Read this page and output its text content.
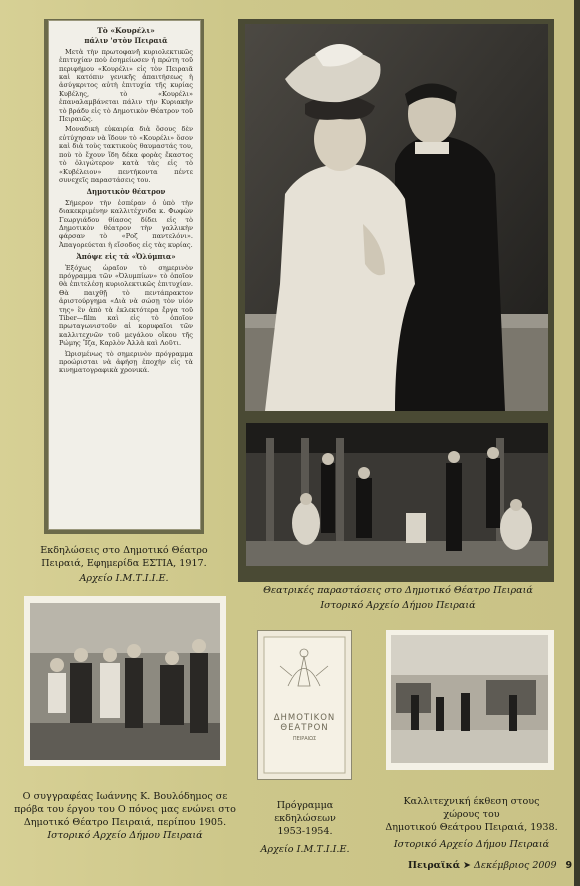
Τὸ «Κουρέλι»
πάλιν 'στὸν Πειραιᾶ

Μετὰ τὴν πρωτοφανῆ κυριολεκτικῶς ἐπιτυχίαν ποὺ ἐσημείωσεν ἡ πρώτη τοῦ περιφήμου «Κουρέλι» εἰς τὸν Πειραιᾶ καὶ κατόπιν γενικῆς ἀπαιτήσεως ἡ ἀσύγκριτος αὐτὴ ἐπιτυχία τῆς κυρίας Κυβέλης, τὸ «Κουρέλι» ἐπαναλαμβάνεται πάλιν τὴν Κυριακὴν τὸ βράδυ εἰς τὸ Δημοτικὸν Θέατρον τοῦ Πειραιῶς.

Μοναδικὴ εὐκαιρία διὰ ὅσους δὲν εὐτύχησαν νὰ ἴδουν τὸ «Κουρέλι» ὅσον καὶ διὰ τοὺς τακτικοὺς θαυμαστάς του, ποὺ τὸ ἔχουν ἴδη δέκα φορὰς ἕκαστος τὸ ὀλιγώτερον κατὰ τὰς εἰς τὸ «Κυβέλειον» πεντήκοντα πέντε συνεχεῖς παραστάσεις του.

Δημοτικὸν θέατρον

Σήμερον τὴν ἑσπέραν ὁ ὑπὸ τὴν διακεκριμένην καλλιτέχνιδα κ. Φωφὼν Γεωργιάδου θίασος δίδει εἰς τὸ Δημοτικὸν θέατρον τὴν γαλλικὴν φάρσαν τὸ «Ροζ παντελόνι». Ἀπαγορεύεται ἡ εἴσοδος εἰς τὰς κυρίας.

Ἀπόψε εἰς τὰ «Ὀλύμπια»

Ἐξόχως ὡραῖον τὸ σημερινὸν πρόγραμμα τῶν «Ὀλυμπίων» τὸ ὁποῖον θὰ ἐπιτελέσῃ κυριολεκτικῶς ἐπιτυχίαν. Θὰ παιχθῇ τὸ πεντάπρακτον ἀριστούργημα «Διὰ νὰ σώσῃ τὸν υἱόν της» ἓν ἀπὸ τὰ ἐκλεκτότερα ἔργα τοῦ Tiber—film καὶ εἰς τὸ ὁποῖον πρωταγωνιστοῦν αἱ κορυφαῖοι τῶν καλλιτεχνῶν τοῦ μεγάλου οἴκου τῆς Ρώμης Ἴζα, Καρλὸν Ἀλλὰ καὶ Λοῦτι.

Ὡρισμένως τὸ σημερινὸν πρόγραμμα προώρισται νὰ ἀφήσῃ ἐποχὴν εἰς τὰ κινηματογραφικὰ χρονικά.

ΔΗΜΟΤΙΚΟΝ
ΘΕΑΤΡΟΝ
ΠΕΙΡΑΙΩΣ
Εκδηλώσεις στο Δημοτικό Θέατρο
Πειραιά, Εφημερίδα ΕΣΤΙΑ, 1917.
Αρχείο Ι.Μ.Τ.Ι.Ι.Ε.
Θεατρικές παραστάσεις στο Δημοτικό Θέατρο Πειραιά
Ιστορικό Αρχείο Δήμου Πειραιά
Ο συγγραφέας Ιωάννης Κ. Βουλόδημος σε
πρόβα του έργου του Ο πόνος μας ενώνει στο
Δημοτικό Θέατρο Πειραιά, περίπου 1905.
Ιστορικό Αρχείο Δήμου Πειραιά
Πρόγραμμα εκδηλώσεων
1953-1954.
Αρχείο Ι.Μ.Τ.Ι.Ι.Ε.
Καλλιτεχνική έκθεση στους χώρους του
Δημοτικού Θεάτρου Πειραιά, 1938.
Ιστορικό Αρχείο Δήμου Πειραιά
Πειραϊκά ➤ Δεκέμβριος 2009 9
